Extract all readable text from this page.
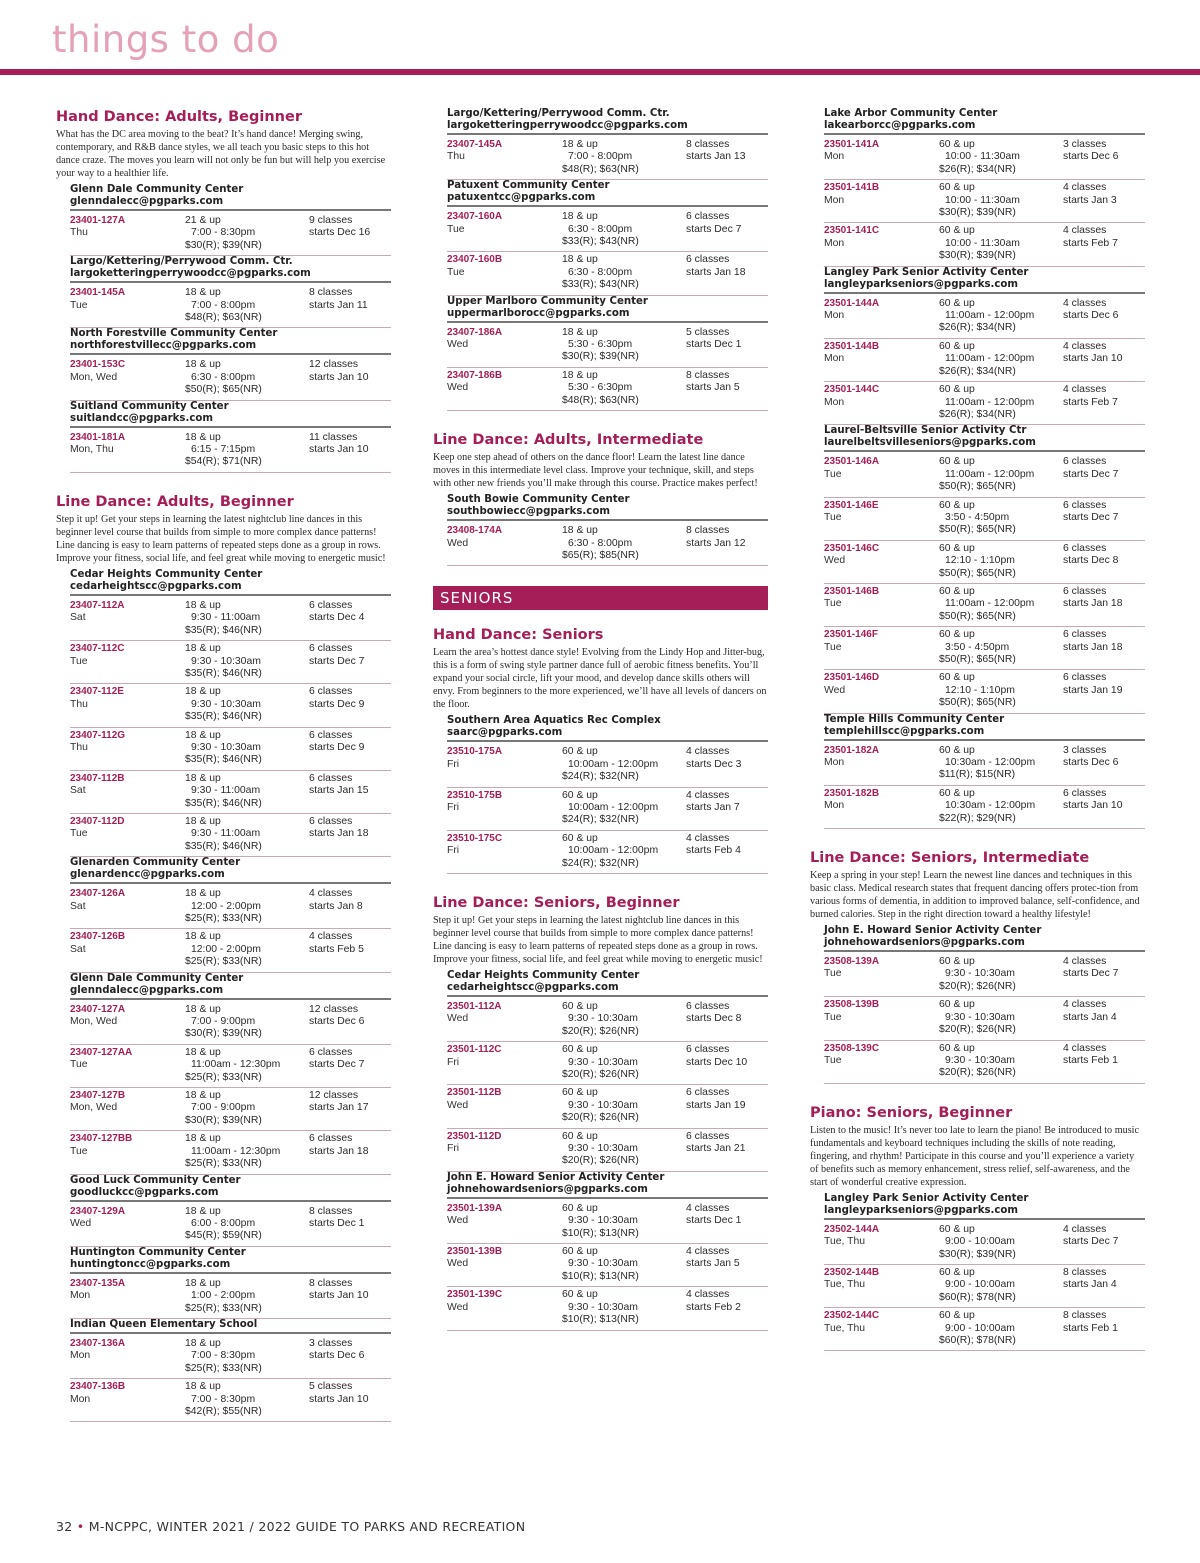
things to do
Hand Dance: Adults, Beginner

What has the DC area moving to the beat? It’s hand dance! Merging swing, contemporary, and R&B dance styles, we all teach you basic steps to this hot dance craze. The moves you learn will not only be fun but will help you exercise your way to a healthier life.

Glenn Dale Community Center
glenndalecc@pgparks.com
23401-127A	21 & up	9 classes
Thu	7:00 - 8:30pm	starts Dec 16
$30(R); $39(NR)
Largo/Kettering/Perrywood Comm. Ctr.
largoketteringperrywoodcc@pgparks.com
23401-145A	18 & up	8 classes
Tue	7:00 - 8:00pm	starts Jan 11
$48(R); $63(NR)
North Forestville Community Center
northforestvillecc@pgparks.com
23401-153C	18 & up	12 classes
Mon, Wed	6:30 - 8:00pm	starts Jan 10
$50(R); $65(NR)
Suitland Community Center
suitlandcc@pgparks.com
23401-181A	18 & up	11 classes
Mon, Thu	6:15 - 7:15pm	starts Jan 10
$54(R); $71(NR)
Line Dance: Adults, Beginner

Step it up! Get your steps in learning the latest nightclub line dances in this beginner level course that builds from simple to more complex dance patterns! Line dancing is easy to learn patterns of repeated steps done as a group in rows. Improve your fitness, social life, and feel great while moving to energetic music!

Cedar Heights Community Center
cedarheightscc@pgparks.com
23407-112A	18 & up	6 classes
Sat	9:30 - 11:00am	starts Dec 4
$35(R); $46(NR)
23407-112C	18 & up	6 classes
Tue	9:30 - 10:30am	starts Dec 7
$35(R); $46(NR)
23407-112E	18 & up	6 classes
Thu	9:30 - 10:30am	starts Dec 9
$35(R); $46(NR)
23407-112G	18 & up	6 classes
Thu	9:30 - 10:30am	starts Dec 9
$35(R); $46(NR)
23407-112B	18 & up	6 classes
Sat	9:30 - 11:00am	starts Jan 15
$35(R); $46(NR)
23407-112D	18 & up	6 classes
Tue	9:30 - 11:00am	starts Jan 18
$35(R); $46(NR)
Glenarden Community Center
glenardencc@pgparks.com
23407-126A	18 & up	4 classes
Sat	12:00 - 2:00pm	starts Jan 8
$25(R); $33(NR)
23407-126B	18 & up	4 classes
Sat	12:00 - 2:00pm	starts Feb 5
$25(R); $33(NR)
Glenn Dale Community Center
glenndalecc@pgparks.com
23407-127A	18 & up	12 classes
Mon, Wed	7:00 - 9:00pm	starts Dec 6
$30(R); $39(NR)
23407-127AA	18 & up	6 classes
Tue	11:00am - 12:30pm	starts Dec 7
$25(R); $33(NR)
23407-127B	18 & up	12 classes
Mon, Wed	7:00 - 9:00pm	starts Jan 17
$30(R); $39(NR)
23407-127BB	18 & up	6 classes
Tue	11:00am - 12:30pm	starts Jan 18
$25(R); $33(NR)
Good Luck Community Center
goodluckcc@pgparks.com
23407-129A	18 & up	8 classes
Wed	6:00 - 8:00pm	starts Dec 1
$45(R); $59(NR)
Huntington Community Center
huntingtoncc@pgparks.com
23407-135A	18 & up	8 classes
Mon	1:00 - 2:00pm	starts Jan 10
$25(R); $33(NR)
Indian Queen Elementary School
23407-136A	18 & up	3 classes
Mon	7:00 - 8:30pm	starts Dec 6
$25(R); $33(NR)
23407-136B	18 & up	5 classes
Mon	7:00 - 8:30pm	starts Jan 10
$42(R); $55(NR)
Largo/Kettering/Perrywood Comm. Ctr.
largoketteringperrywoodcc@pgparks.com
23407-145A	18 & up	8 classes
Thu	7:00 - 8:00pm	starts Jan 13
$48(R); $63(NR)
Patuxent Community Center
patuxentcc@pgparks.com
23407-160A	18 & up	6 classes
Tue	6:30 - 8:00pm	starts Dec 7
$33(R); $43(NR)
23407-160B	18 & up	6 classes
Tue	6:30 - 8:00pm	starts Jan 18
$33(R); $43(NR)
Upper Marlboro Community Center
uppermarlborocc@pgparks.com
23407-186A	18 & up	5 classes
Wed	5:30 - 6:30pm	starts Dec 1
$30(R); $39(NR)
23407-186B	18 & up	8 classes
Wed	5:30 - 6:30pm	starts Jan 5
$48(R); $63(NR)
Line Dance: Adults, Intermediate

Keep one step ahead of others on the dance floor! Learn the latest line dance moves in this intermediate level class. Improve your technique, skill, and steps with other new friends you’ll make through this course. Practice makes perfect!

South Bowie Community Center
southbowiecc@pgparks.com
23408-174A	18 & up	8 classes
Wed	6:30 - 8:00pm	starts Jan 12
$65(R); $85(NR)
SENIORS
Hand Dance: Seniors

Learn the area’s hottest dance style! Evolving from the Lindy Hop and Jitter-bug, this is a form of swing style partner dance full of aerobic fitness benefits. You’ll expand your social circle, lift your mood, and develop dance skills others will envy. From beginners to the more experienced, we’ll have all levels of dancers on the floor.

Southern Area Aquatics Rec Complex
saarc@pgparks.com
23510-175A	60 & up	4 classes
Fri	10:00am - 12:00pm	starts Dec 3
$24(R); $32(NR)
23510-175B	60 & up	4 classes
Fri	10:00am - 12:00pm	starts Jan 7
$24(R); $32(NR)
23510-175C	60 & up	4 classes
Fri	10:00am - 12:00pm	starts Feb 4
$24(R); $32(NR)
Line Dance: Seniors, Beginner

Step it up! Get your steps in learning the latest nightclub line dances in this beginner level course that builds from simple to more complex dance patterns! Line dancing is easy to learn patterns of repeated steps done as a group in rows. Improve your fitness, social life, and feel great while moving to energetic music!

Cedar Heights Community Center
cedarheightscc@pgparks.com
23501-112A	60 & up	6 classes
Wed	9:30 - 10:30am	starts Dec 8
$20(R); $26(NR)
23501-112C	60 & up	6 classes
Fri	9:30 - 10:30am	starts Dec 10
$20(R); $26(NR)
23501-112B	60 & up	6 classes
Wed	9:30 - 10:30am	starts Jan 19
$20(R); $26(NR)
23501-112D	60 & up	6 classes
Fri	9:30 - 10:30am	starts Jan 21
$20(R); $26(NR)
John E. Howard Senior Activity Center
johnehowardseniors@pgparks.com
23501-139A	60 & up	4 classes
Wed	9:30 - 10:30am	starts Dec 1
$10(R); $13(NR)
23501-139B	60 & up	4 classes
Wed	9:30 - 10:30am	starts Jan 5
$10(R); $13(NR)
23501-139C	60 & up	4 classes
Wed	9:30 - 10:30am	starts Feb 2
$10(R); $13(NR)
Lake Arbor Community Center
lakearborcc@pgparks.com
23501-141A	60 & up	3 classes
Mon	10:00 - 11:30am	starts Dec 6
$26(R); $34(NR)
23501-141B	60 & up	4 classes
Mon	10:00 - 11:30am	starts Jan 3
$30(R); $39(NR)
23501-141C	60 & up	4 classes
Mon	10:00 - 11:30am	starts Feb 7
$30(R); $39(NR)
Langley Park Senior Activity Center
langleyparkseniors@pgparks.com
23501-144A	60 & up	4 classes
Mon	11:00am - 12:00pm	starts Dec 6
$26(R); $34(NR)
23501-144B	60 & up	4 classes
Mon	11:00am - 12:00pm	starts Jan 10
$26(R); $34(NR)
23501-144C	60 & up	4 classes
Mon	11:00am - 12:00pm	starts Feb 7
$26(R); $34(NR)
Laurel-Beltsville Senior Activity Ctr
laurelbeltsvilleseniors@pgparks.com
23501-146A	60 & up	6 classes
Tue	11:00am - 12:00pm	starts Dec 7
$50(R); $65(NR)
23501-146E	60 & up	6 classes
Tue	3:50 - 4:50pm	starts Dec 7
$50(R); $65(NR)
23501-146C	60 & up	6 classes
Wed	12:10 - 1:10pm	starts Dec 8
$50(R); $65(NR)
23501-146B	60 & up	6 classes
Tue	11:00am - 12:00pm	starts Jan 18
$50(R); $65(NR)
23501-146F	60 & up	6 classes
Tue	3:50 - 4:50pm	starts Jan 18
$50(R); $65(NR)
23501-146D	60 & up	6 classes
Wed	12:10 - 1:10pm	starts Jan 19
$50(R); $65(NR)
Temple Hills Community Center
templehillscc@pgparks.com
23501-182A	60 & up	3 classes
Mon	10:30am - 12:00pm	starts Dec 6
$11(R); $15(NR)
23501-182B	60 & up	6 classes
Mon	10:30am - 12:00pm	starts Jan 10
$22(R); $29(NR)
Line Dance: Seniors, Intermediate

Keep a spring in your step! Learn the newest line dances and techniques in this basic class. Medical research states that frequent dancing offers protec-tion from various forms of dementia, in addition to improved balance, self-confidence, and burned calories. Step in the right direction toward a healthy lifestyle!

John E. Howard Senior Activity Center
johnehowardseniors@pgparks.com
23508-139A	60 & up	4 classes
Tue	9:30 - 10:30am	starts Dec 7
$20(R); $26(NR)
23508-139B	60 & up	4 classes
Tue	9:30 - 10:30am	starts Jan 4
$20(R); $26(NR)
23508-139C	60 & up	4 classes
Tue	9:30 - 10:30am	starts Feb 1
$20(R); $26(NR)
Piano: Seniors, Beginner

Listen to the music! It’s never too late to learn the piano! Be introduced to music fundamentals and keyboard techniques including the skills of note reading, fingering, and rhythm! Participate in this course and you’ll experience a variety of benefits such as memory enhancement, stress relief, self-awareness, and the start of wonderful creative expression.

Langley Park Senior Activity Center
langleyparkseniors@pgparks.com
23502-144A	60 & up	4 classes
Tue, Thu	9:00 - 10:00am	starts Dec 7
$30(R); $39(NR)
23502-144B	60 & up	8 classes
Tue, Thu	9:00 - 10:00am	starts Jan 4
$60(R); $78(NR)
23502-144C	60 & up	8 classes
Tue, Thu	9:00 - 10:00am	starts Feb 1
$60(R); $78(NR)
32 • M-NCPPC, WINTER 2021 / 2022 GUIDE TO PARKS AND RECREATION
